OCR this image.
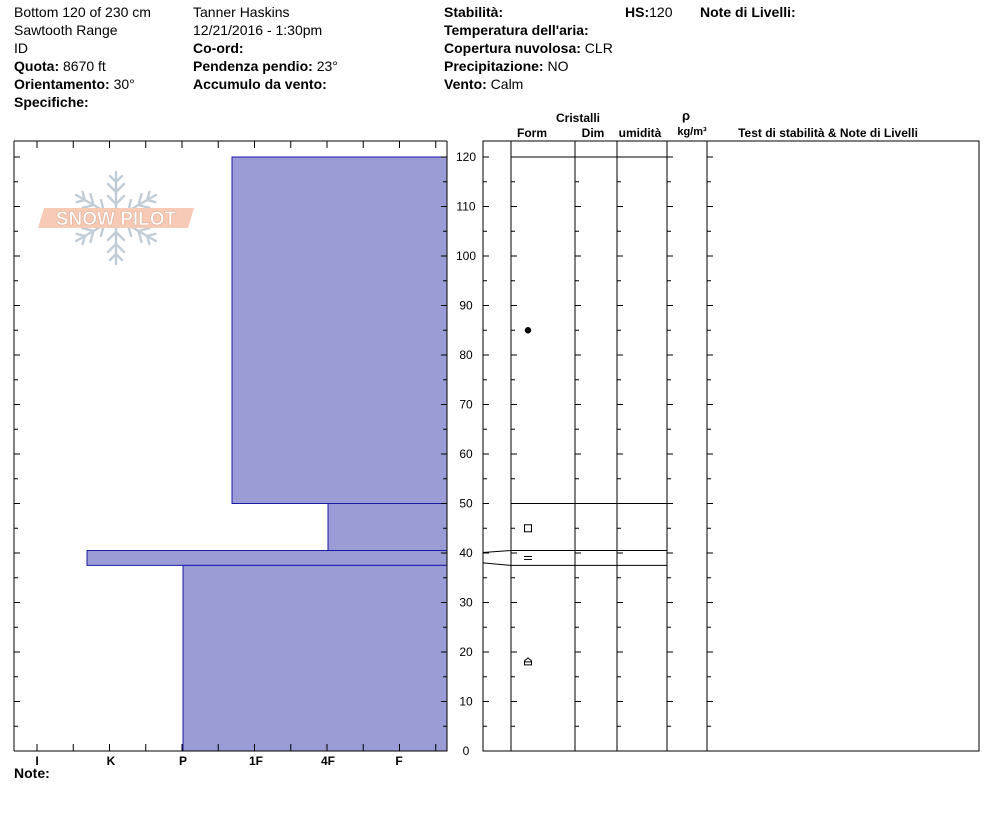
Bottom 120 of 230 cm
Sawtooth Range
ID
Quota: 8670 ft
Orientamento: 30°
Specifiche:
Tanner Haskins
12/21/2016 - 1:30pm
Co-ord:
Pendenza pendio: 23°
Accumulo da vento:
Stabilità:	HS:120 Note di Livelli:
Temperatura dell'aria:
Copertura nuvolosa: CLR
Precipitazione: NO
Vento: Calm
SNOW PILOT
I	K	P	1F	4F	F
0
10
20
30
40
50
60
70
80
90
100
110
120
Cristalli
Form	Dim umidità
ρ
kg/m³	Test di stabilità & Note di Livelli
Note:
